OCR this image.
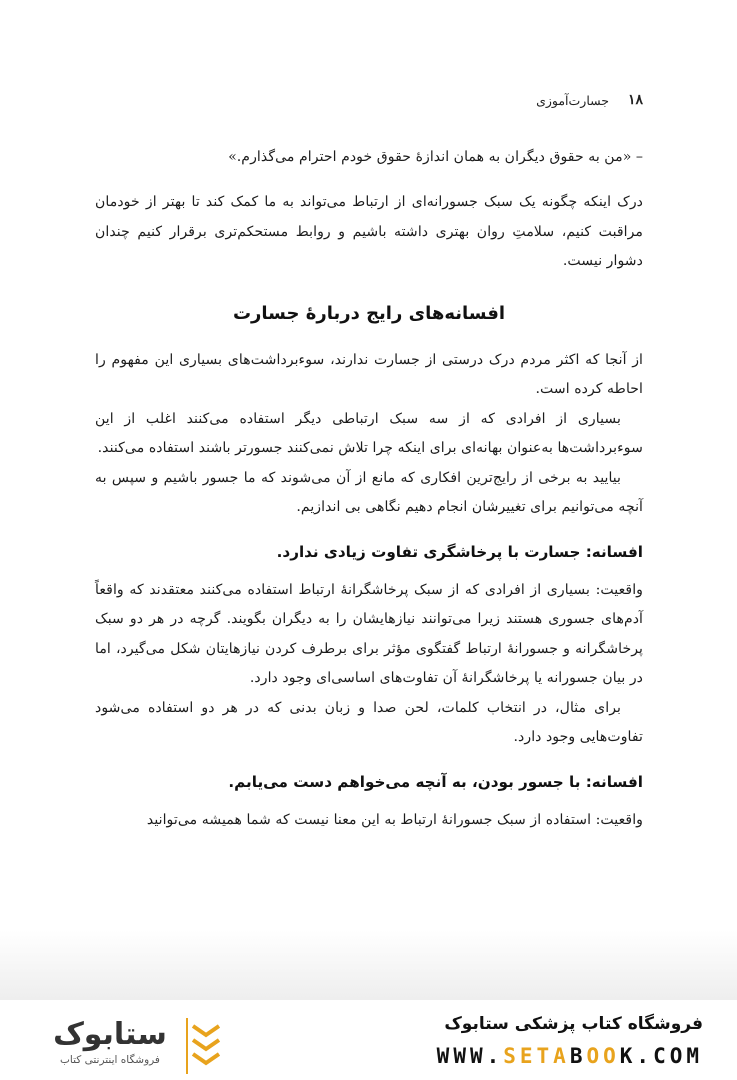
۱۸
جسارت‌آموزی

– «من به حقوق دیگران به همان اندازهٔ حقوق خودم احترام می‌گذارم.»

درک اینکه چگونه یک سبک جسورانه‌ای از ارتباط می‌تواند به ما کمک کند تا بهتر از خودمان مراقبت کنیم، سلامتِ روان بهتری داشته باشیم و روابط مستحکم‌تری برقرار کنیم چندان دشوار نیست.

افسانه‌های رایج دربارهٔ جسارت

از آنجا که اکثر مردم درک درستی از جسارت ندارند، سوءبرداشت‌های بسیاری این مفهوم را احاطه کرده است.

بسیاری از افرادی که از سه سبک ارتباطی دیگر استفاده می‌کنند اغلب از این سوءبرداشت‌ها به‌عنوان بهانه‌ای برای اینکه چرا تلاش نمی‌کنند جسورتر باشند استفاده می‌کنند.

بیایید به برخی از رایج‌ترین افکاری که مانع از آن می‌شوند که ما جسور باشیم و سپس به آنچه می‌توانیم برای تغییرشان انجام دهیم نگاهی بی اندازیم.

افسانه: جسارت با پرخاشگری تفاوت زیادی ندارد.

واقعیت: بسیاری از افرادی که از سبک پرخاشگرانهٔ ارتباط استفاده می‌کنند معتقدند که واقعاً آدم‌های جسوری هستند زیرا می‌توانند نیازهایشان را به دیگران بگویند. گرچه در هر دو سبک پرخاشگرانه و جسورانهٔ ارتباط گفتگوی مؤثر برای برطرف کردن نیازهایتان شکل می‌گیرد، اما در بیان جسورانه یا پرخاشگرانهٔ آن تفاوت‌های اساسی‌ای وجود دارد.

برای مثال، در انتخاب کلمات، لحن صدا و زبان بدنی که در هر دو استفاده می‌شود تفاوت‌هایی وجود دارد.

افسانه: با جسور بودن، به آنچه می‌خواهم دست می‌یابم.

واقعیت: استفاده از سبک جسورانهٔ ارتباط به این معنا نیست که شما همیشه می‌توانید

ستابوک
فروشگاه اینترنتی کتاب
فروشگاه کتاب پزشکی ستابوک
WWW.SETABOOK.COM
